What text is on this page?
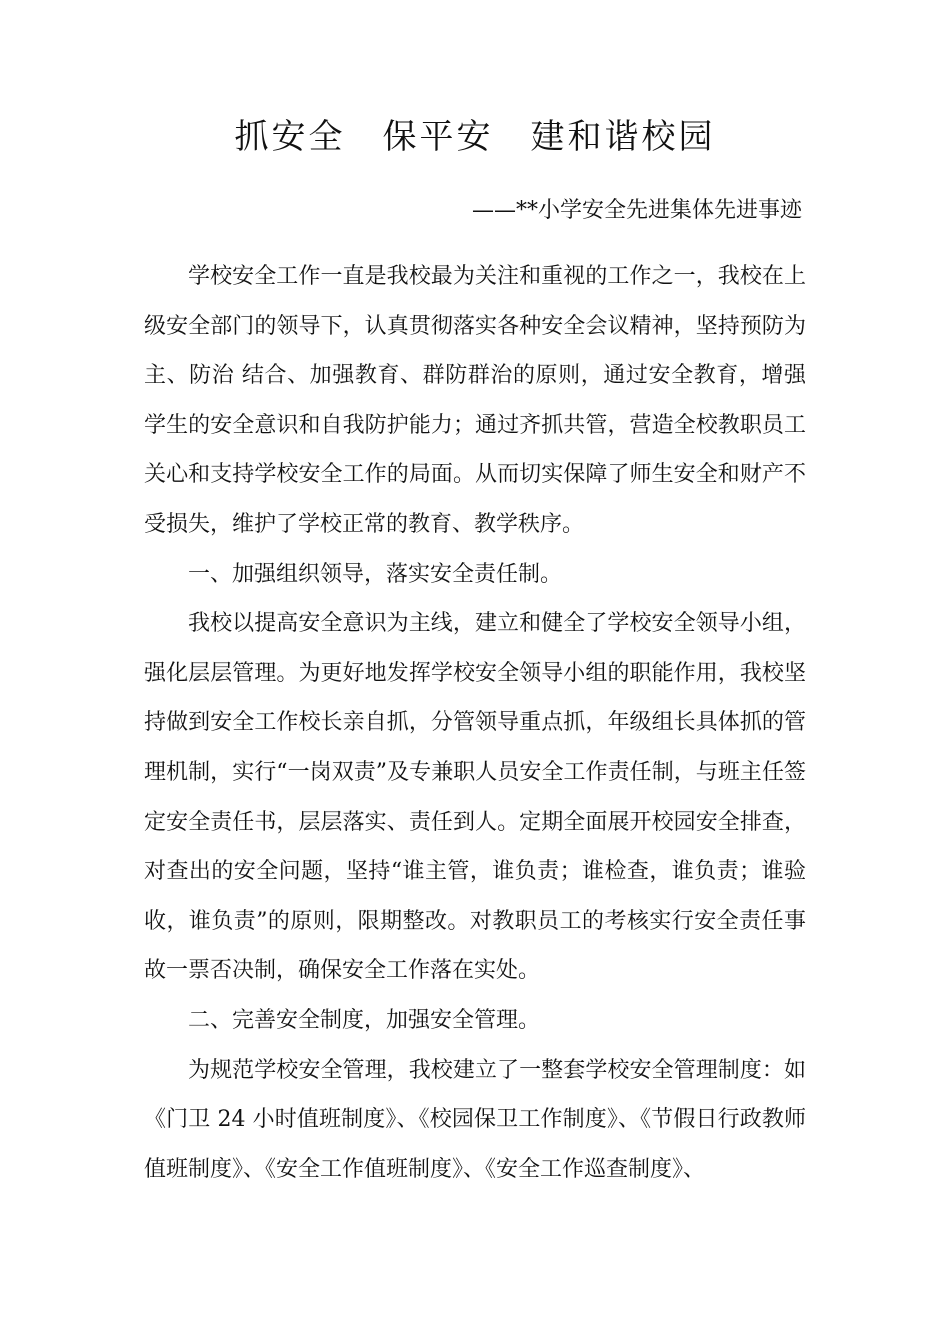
抓安全　保平安　建和谐校园
——**小学安全先进集体先进事迹

学校安全工作一直是我校最为关注和重视的工作之一，我校在上级安全部门的领导下，认真贯彻落实各种安全会议精神，坚持预防为主、防治 结合、加强教育、群防群治的原则，通过安全教育，增强学生的安全意识和自我防护能力；通过齐抓共管，营造全校教职员工关心和支持学校安全工作的局面。从而切实保障了师生安全和财产不受损失，维护了学校正常的教育、教学秩序。

一、加强组织领导，落实安全责任制。

我校以提高安全意识为主线，建立和健全了学校安全领导小组，强化层层管理。为更好地发挥学校安全领导小组的职能作用，我校坚持做到安全工作校长亲自抓，分管领导重点抓，年级组长具体抓的管理机制，实行“一岗双责”及专兼职人员安全工作责任制，与班主任签定安全责任书，层层落实、责任到人。定期全面展开校园安全排查，对查出的安全问题，坚持“谁主管，谁负责；谁检查，谁负责；谁验收，谁负责”的原则，限期整改。对教职员工的考核实行安全责任事故一票否决制，确保安全工作落在实处。

二、完善安全制度，加强安全管理。

为规范学校安全管理，我校建立了一整套学校安全管理制度：如《门卫 24 小时值班制度》、《校园保卫工作制度》、《节假日行政教师值班制度》、《安全工作值班制度》、《安全工作巡查制度》、
